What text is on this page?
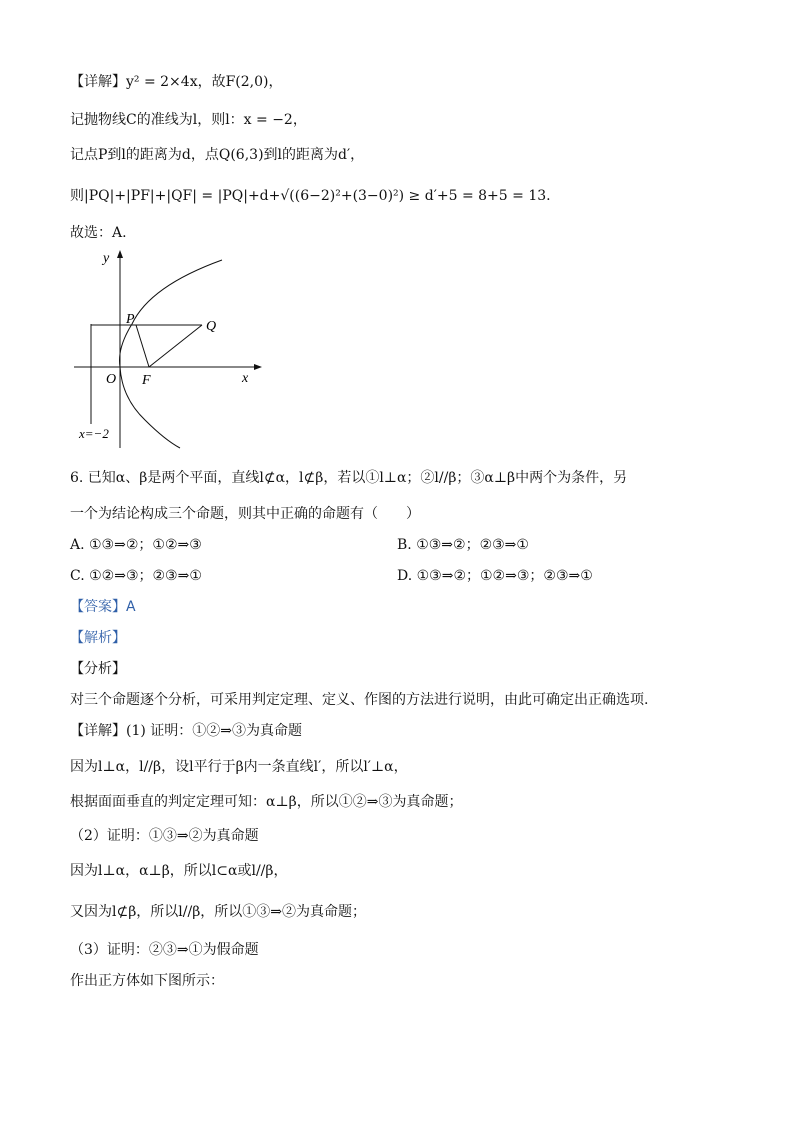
【详解】y² = 2×4x，故F(2,0)，
记抛物线C的准线为l，则l：x = −2，
记点P到l的距离为d，点Q(6,3)到l的距离为d′，
则|PQ|+|PF|+|QF| = |PQ|+d+√((6−2)²+(3−0)²) ≥ d′+5 = 8+5 = 13.
故选：A.
y
x
O F
P	Q
x=−2
6. 已知α、β是两个平面，直线l⊄α，l⊄β，若以①l⊥α；②l//β；③α⊥β中两个为条件，另
一个为结论构成三个命题，则其中正确的命题有（　　）
A. ①③⇒②；①②⇒③	B. ①③⇒②；②③⇒①
C. ①②⇒③；②③⇒①	D. ①③⇒②；①②⇒③；②③⇒①
【答案】A
【解析】
【分析】
对三个命题逐个分析，可采用判定定理、定义、作图的方法进行说明，由此可确定出正确选项.
【详解】(1) 证明：①②⇒③为真命题
因为l⊥α，l//β，设l平行于β内一条直线l′，所以l′⊥α，
根据面面垂直的判定定理可知：α⊥β，所以①②⇒③为真命题；
（2）证明：①③⇒②为真命题
因为l⊥α，α⊥β，所以l⊂α或l//β，
又因为l⊄β，所以l//β，所以①③⇒②为真命题；
（3）证明：②③⇒①为假命题
作出正方体如下图所示：
